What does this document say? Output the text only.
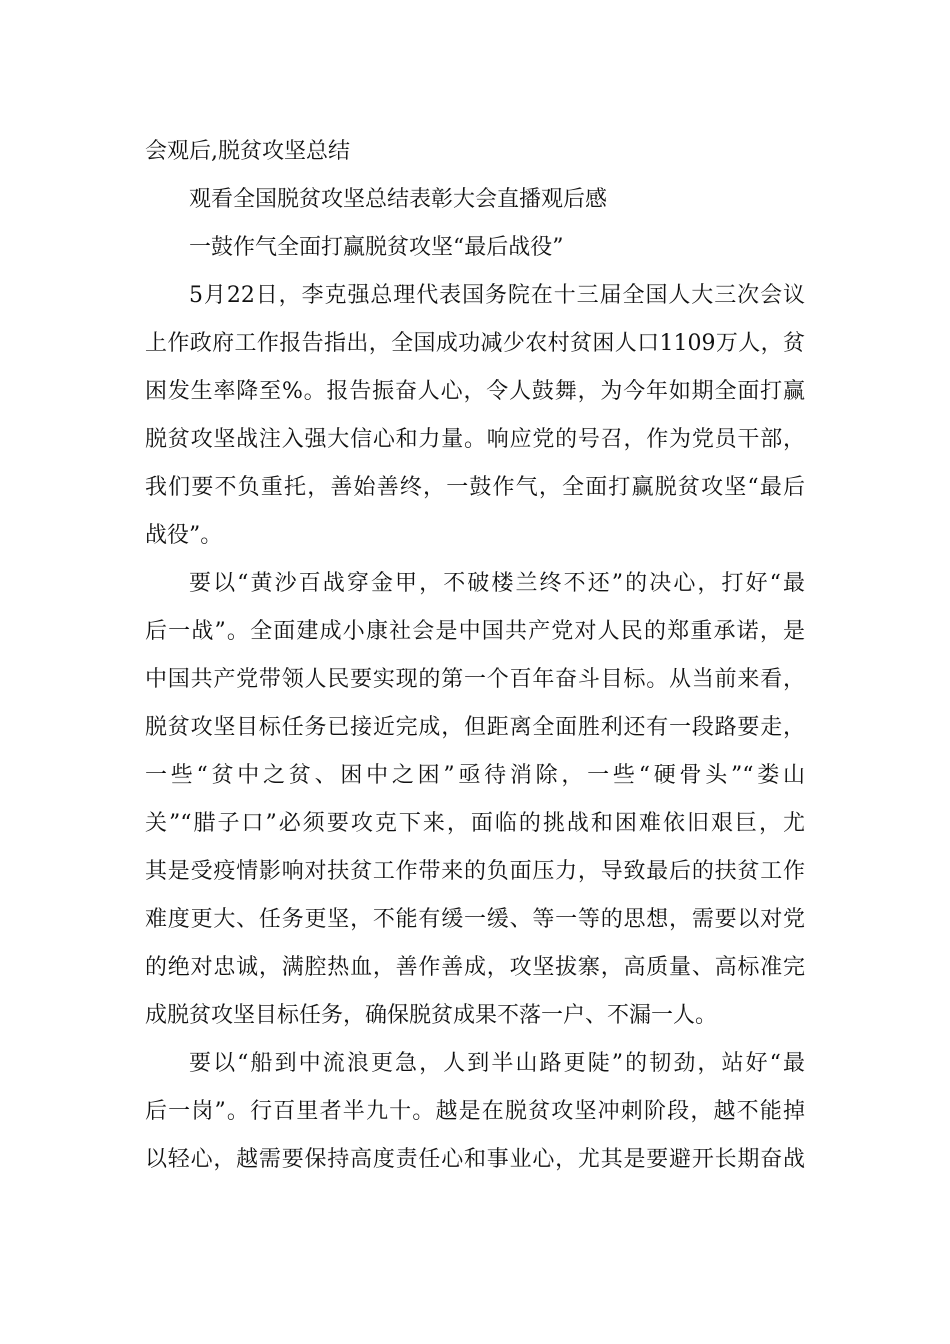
会观后,脱贫攻坚总结
观看全国脱贫攻坚总结表彰大会直播观后感
一鼓作气全面打赢脱贫攻坚“最后战役”
5月22日，李克强总理代表国务院在十三届全国人大三次会议
上作政府工作报告指出，全国成功减少农村贫困人口1109万人，贫
困发生率降至%。报告振奋人心，令人鼓舞，为今年如期全面打赢
脱贫攻坚战注入强大信心和力量。响应党的号召，作为党员干部，
我们要不负重托，善始善终，一鼓作气，全面打赢脱贫攻坚“最后
战役”。
要以“黄沙百战穿金甲，不破楼兰终不还”的决心，打好“最
后一战”。全面建成小康社会是中国共产党对人民的郑重承诺，是
中国共产党带领人民要实现的第一个百年奋斗目标。从当前来看，
脱贫攻坚目标任务已接近完成，但距离全面胜利还有一段路要走，
一些“贫中之贫、困中之困”亟待消除，一些“硬骨头”“娄山
关”“腊子口”必须要攻克下来，面临的挑战和困难依旧艰巨，尤
其是受疫情影响对扶贫工作带来的负面压力，导致最后的扶贫工作
难度更大、任务更坚，不能有缓一缓、等一等的思想，需要以对党
的绝对忠诚，满腔热血，善作善成，攻坚拔寨，高质量、高标准完
成脱贫攻坚目标任务，确保脱贫成果不落一户、不漏一人。
要以“船到中流浪更急，人到半山路更陡”的韧劲，站好“最
后一岗”。行百里者半九十。越是在脱贫攻坚冲刺阶段，越不能掉
以轻心，越需要保持高度责任心和事业心，尤其是要避开长期奋战
